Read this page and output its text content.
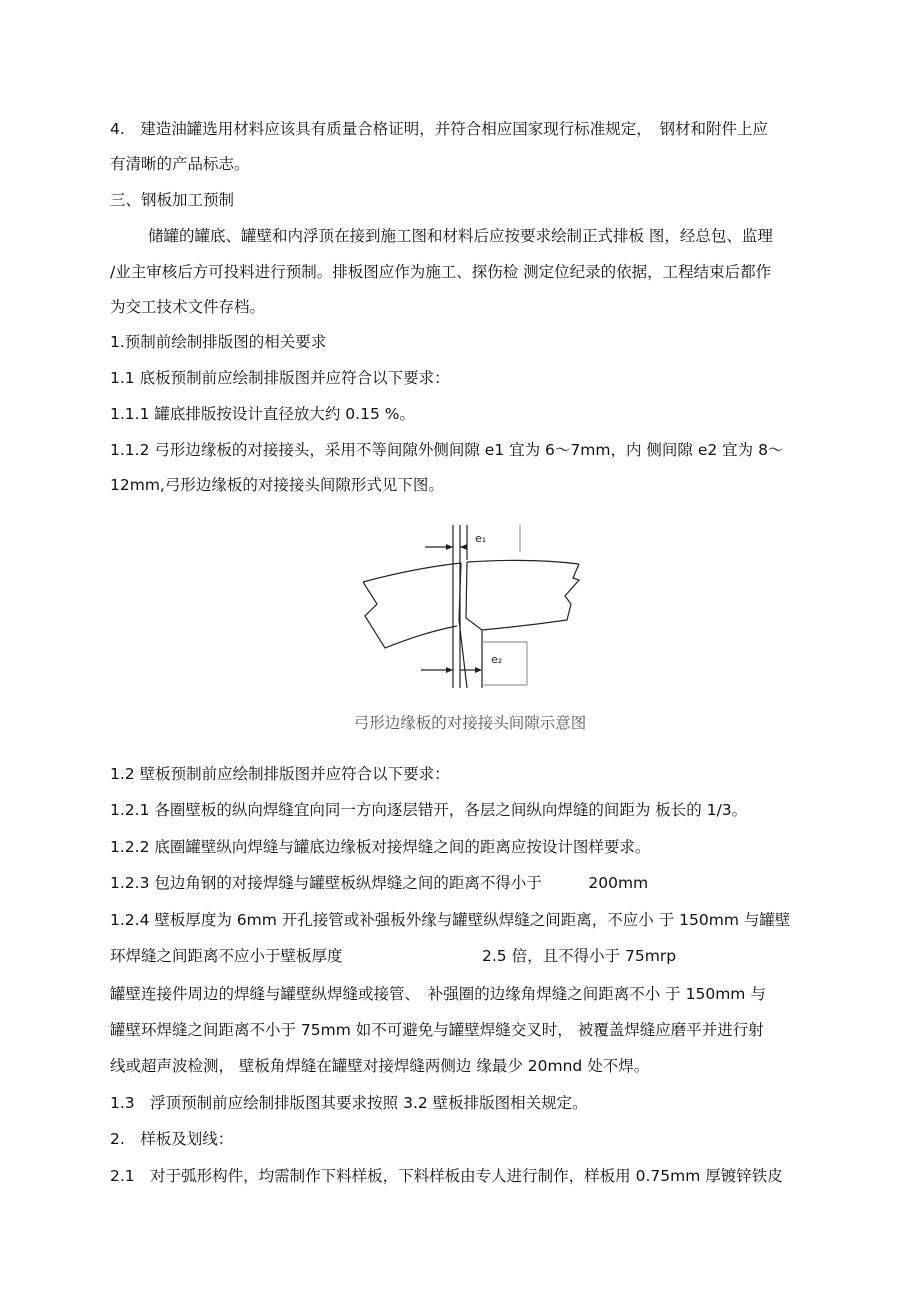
4.　建造油罐选用材料应该具有质量合格证明，并符合相应国家现行标准规定，　钢材和附件上应
有清晰的产品标志。
三、钢板加工预制
储罐的罐底、罐壁和内浮顶在接到施工图和材料后应按要求绘制正式排板 图，经总包、监理
/业主审核后方可投料进行预制。排板图应作为施工、探伤检 测定位纪录的依据，工程结束后都作
为交工技术文件存档。
1.预制前绘制排版图的相关要求
1.1 底板预制前应绘制排版图并应符合以下要求：
1.1.1 罐底排版按设计直径放大约 0.15 %。
1.1.2 弓形边缘板的对接接头，采用不等间隙外侧间隙 e1 宜为 6～7mm，内 侧间隙 e2 宜为 8～
12mm,弓形边缘板的对接接头间隙形式见下图。
e₁
e₂
弓形边缘板的对接接头间隙示意图
1.2 壁板预制前应绘制排版图并应符合以下要求：
1.2.1 各圈壁板的纵向焊缝宜向同一方向逐层错开，各层之间纵向焊缝的间距为 板长的 1/3。
1.2.2 底圈罐壁纵向焊缝与罐底边缘板对接焊缝之间的距离应按设计图样要求。
1.2.3 包边角钢的对接焊缝与罐壁板纵焊缝之间的距离不得小于　　　200mm
1.2.4 壁板厚度为 6mm 开孔接管或补强板外缘与罐壁纵焊缝之间距离，不应小 于 150mm 与罐壁
环焊缝之间距离不应小于壁板厚度　　　　　　　　　2.5 倍，且不得小于 75mrp
罐壁连接件周边的焊缝与罐壁纵焊缝或接管、　补强圈的边缘角焊缝之间距离不小 于 150mm 与
罐壁环焊缝之间距离不小于 75mm 如不可避免与罐壁焊缝交叉时， 被覆盖焊缝应磨平并进行射
线或超声波检测， 壁板角焊缝在罐壁对接焊缝两侧边 缘最少 20mnd 处不焊。
1.3　浮顶预制前应绘制排版图其要求按照 3.2 壁板排版图相关规定。
2.　样板及划线：
2.1　对于弧形构件，均需制作下料样板，下料样板由专人进行制作，样板用 0.75mm 厚镀锌铁皮
